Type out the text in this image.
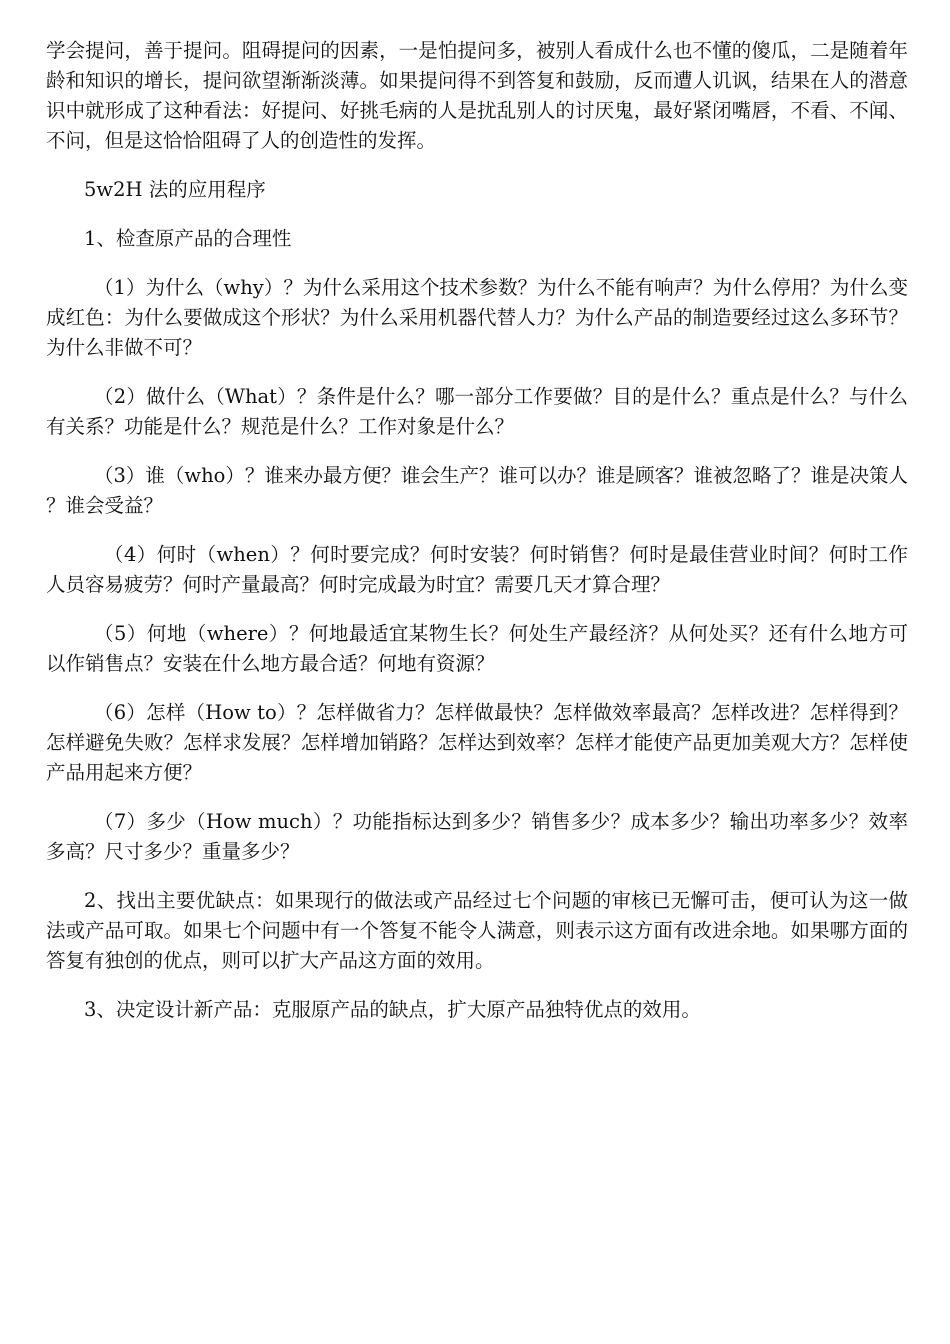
学会提问，善于提问。阻碍提问的因素，一是怕提问多，被别人看成什么也不懂的傻瓜，二是随着年龄和知识的增长，提问欲望渐渐淡薄。如果提问得不到答复和鼓励，反而遭人讥讽，结果在人的潜意识中就形成了这种看法：好提问、好挑毛病的人是扰乱别人的讨厌鬼，最好紧闭嘴唇，不看、不闻、不问，但是这恰恰阻碍了人的创造性的发挥。

5w2H 法的应用程序

1、检查原产品的合理性

（1）为什么（why）？为什么采用这个技术参数？为什么不能有响声？为什么停用？为什么变成红色：为什么要做成这个形状？为什么采用机器代替人力？为什么产品的制造要经过这么多环节？为什么非做不可？

（2）做什么（What）？条件是什么？哪一部分工作要做？目的是什么？重点是什么？与什么有关系？功能是什么？规范是什么？工作对象是什么？

（3）谁（who）？谁来办最方便？谁会生产？谁可以办？谁是顾客？谁被忽略了？谁是决策人？谁会受益？

（4）何时（when）？何时要完成？何时安装？何时销售？何时是最佳营业时间？何时工作人员容易疲劳？何时产量最高？何时完成最为时宜？需要几天才算合理？

（5）何地（where）？何地最适宜某物生长？何处生产最经济？从何处买？还有什么地方可以作销售点？安装在什么地方最合适？何地有资源？

（6）怎样（How to）？怎样做省力？怎样做最快？怎样做效率最高？怎样改进？怎样得到？怎样避免失败？怎样求发展？怎样增加销路？怎样达到效率？怎样才能使产品更加美观大方？怎样使产品用起来方便？

（7）多少（How much）？功能指标达到多少？销售多少？成本多少？输出功率多少？效率多高？尺寸多少？重量多少？

2、找出主要优缺点：如果现行的做法或产品经过七个问题的审核已无懈可击，便可认为这一做法或产品可取。如果七个问题中有一个答复不能令人满意，则表示这方面有改进余地。如果哪方面的答复有独创的优点，则可以扩大产品这方面的效用。

3、决定设计新产品：克服原产品的缺点，扩大原产品独特优点的效用。
